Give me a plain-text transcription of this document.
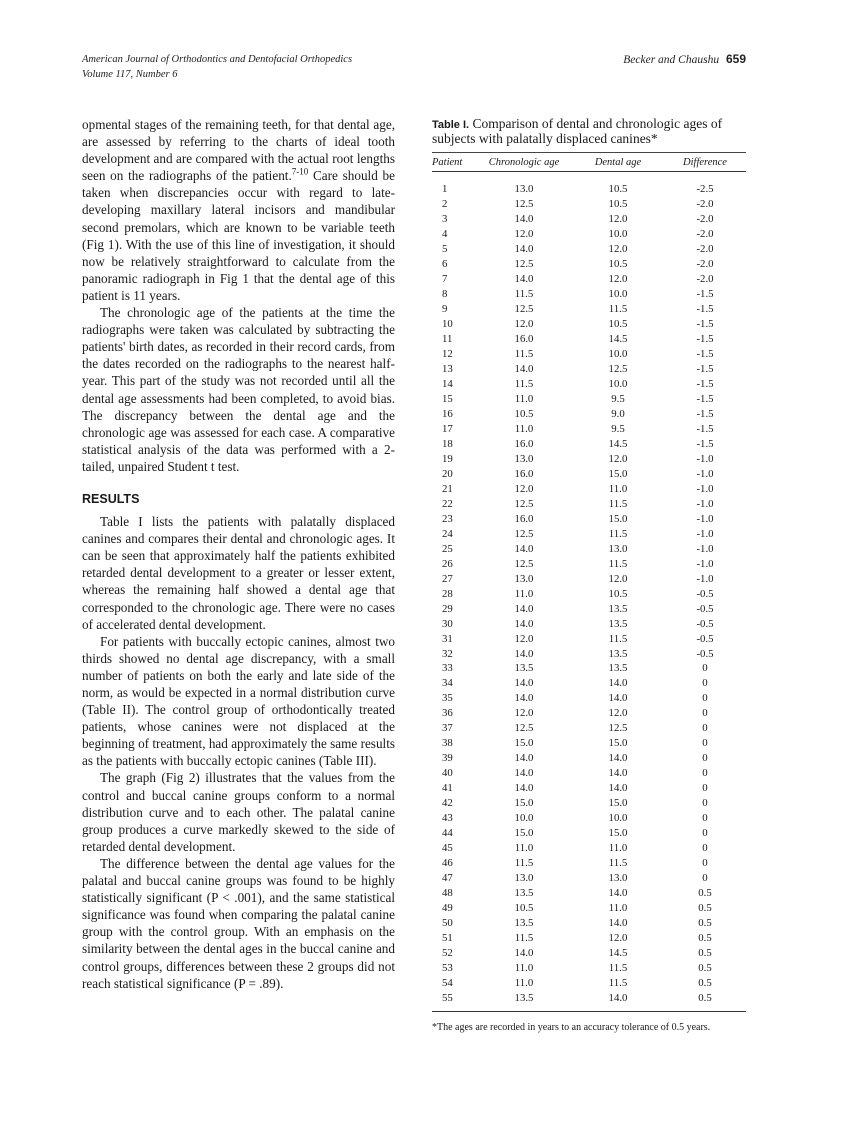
American Journal of Orthodontics and Dentofacial Orthopedics
Volume 117, Number 6
Becker and Chaushu 659

opmental stages of the remaining teeth, for that dental age, are assessed by referring to the charts of ideal tooth development and are compared with the actual root lengths seen on the radiographs of the patient.$^{7-10}$ Care should be taken when discrepancies occur with regard to late-developing maxillary lateral incisors and mandibular second premolars, which are known to be variable teeth (Fig 1). With the use of this line of investigation, it should now be relatively straightforward to calculate from the panoramic radiograph in Fig 1 that the dental age of this patient is 11 years.

The chronologic age of the patients at the time the radiographs were taken was calculated by subtracting the patients' birth dates, as recorded in their record cards, from the dates recorded on the radiographs to the nearest half-year. This part of the study was not recorded until all the dental age assessments had been completed, to avoid bias. The discrepancy between the dental age and the chronologic age was assessed for each case. A comparative statistical analysis of the data was performed with a 2-tailed, unpaired Student t test.

RESULTS

Table I lists the patients with palatally displaced canines and compares their dental and chronologic ages. It can be seen that approximately half the patients exhibited retarded dental development to a greater or lesser extent, whereas the remaining half showed a dental age that corresponded to the chronologic age. There were no cases of accelerated dental development.

For patients with buccally ectopic canines, almost two thirds showed no dental age discrepancy, with a small number of patients on both the early and late side of the norm, as would be expected in a normal distribution curve (Table II). The control group of orthodontically treated patients, whose canines were not displaced at the beginning of treatment, had approximately the same results as the patients with buccally ectopic canines (Table III).

The graph (Fig 2) illustrates that the values from the control and buccal canine groups conform to a normal distribution curve and to each other. The palatal canine group produces a curve markedly skewed to the side of retarded dental development.

The difference between the dental age values for the palatal and buccal canine groups was found to be highly statistically significant (P < .001), and the same statistical significance was found when comparing the palatal canine group with the control group. With an emphasis on the similarity between the dental ages in the buccal canine and control groups, differences between these 2 groups did not reach statistical significance (P = .89).

Table I. Comparison of dental and chronologic ages of subjects with palatally displaced canines*
Patient	Chronologic age	Dental age	Difference
1	13.0	10.5	-2.5
2	12.5	10.5	-2.0
3	14.0	12.0	-2.0
4	12.0	10.0	-2.0
5	14.0	12.0	-2.0
6	12.5	10.5	-2.0
7	14.0	12.0	-2.0
8	11.5	10.0	-1.5
9	12.5	11.5	-1.5
10	12.0	10.5	-1.5
11	16.0	14.5	-1.5
12	11.5	10.0	-1.5
13	14.0	12.5	-1.5
14	11.5	10.0	-1.5
15	11.0	9.5	-1.5
16	10.5	9.0	-1.5
17	11.0	9.5	-1.5
18	16.0	14.5	-1.5
19	13.0	12.0	-1.0
20	16.0	15.0	-1.0
21	12.0	11.0	-1.0
22	12.5	11.5	-1.0
23	16.0	15.0	-1.0
24	12.5	11.5	-1.0
25	14.0	13.0	-1.0
26	12.5	11.5	-1.0
27	13.0	12.0	-1.0
28	11.0	10.5	-0.5
29	14.0	13.5	-0.5
30	14.0	13.5	-0.5
31	12.0	11.5	-0.5
32	14.0	13.5	-0.5
33	13.5	13.5	0
34	14.0	14.0	0
35	14.0	14.0	0
36	12.0	12.0	0
37	12.5	12.5	0
38	15.0	15.0	0
39	14.0	14.0	0
40	14.0	14.0	0
41	14.0	14.0	0
42	15.0	15.0	0
43	10.0	10.0	0
44	15.0	15.0	0
45	11.0	11.0	0
46	11.5	11.5	0
47	13.0	13.0	0
48	13.5	14.0	0.5
49	10.5	11.0	0.5
50	13.5	14.0	0.5
51	11.5	12.0	0.5
52	14.0	14.5	0.5
53	11.0	11.5	0.5
54	11.0	11.5	0.5
55	13.5	14.0	0.5
*The ages are recorded in years to an accuracy tolerance of 0.5 years.
